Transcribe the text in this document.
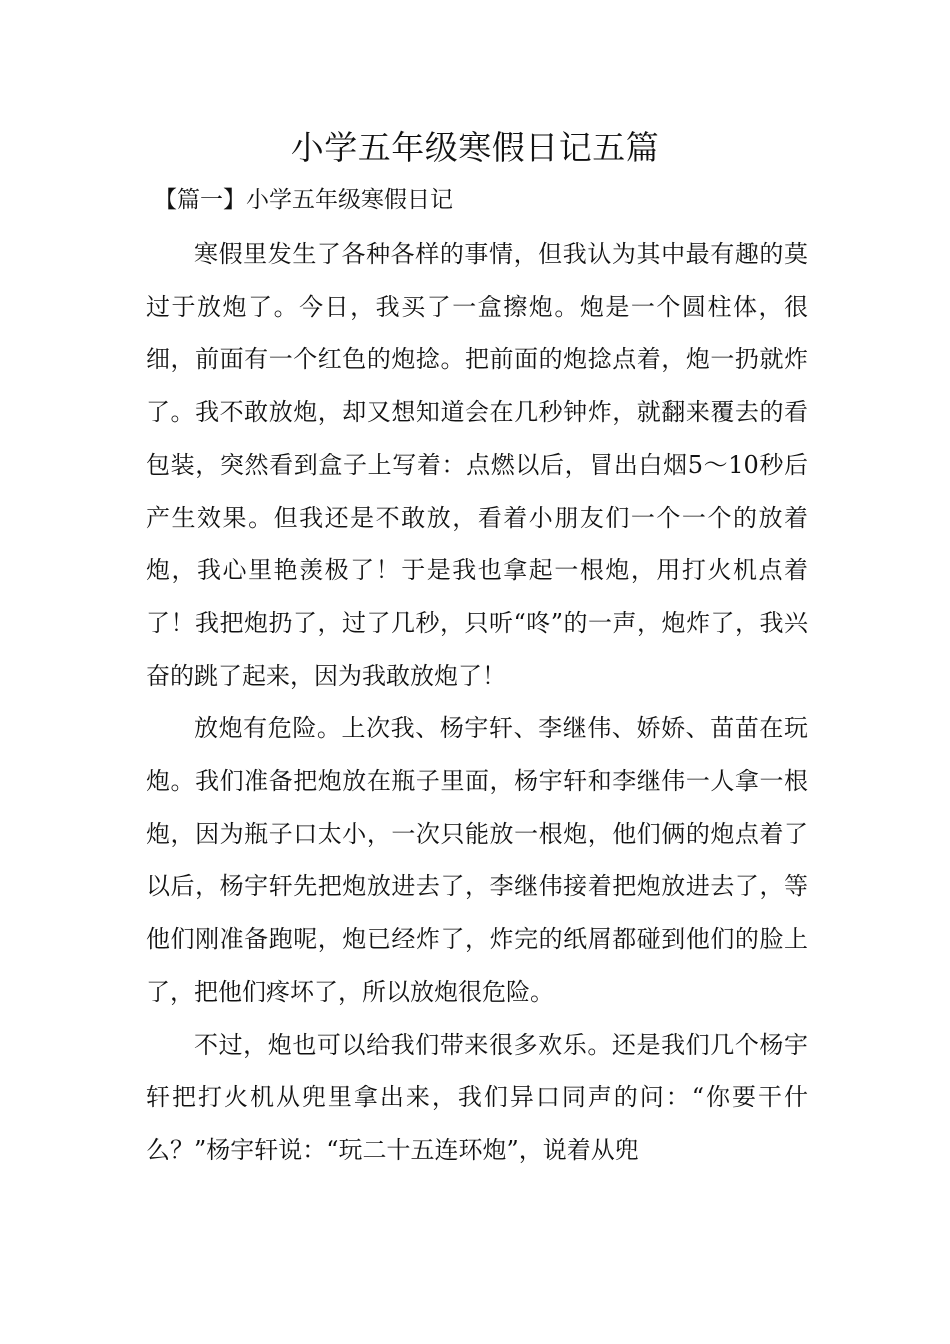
小学五年级寒假日记五篇
【篇一】小学五年级寒假日记

寒假里发生了各种各样的事情，但我认为其中最有趣的莫过于放炮了。今日，我买了一盒擦炮。炮是一个圆柱体，很细，前面有一个红色的炮捻。把前面的炮捻点着，炮一扔就炸了。我不敢放炮，却又想知道会在几秒钟炸，就翻来覆去的看包装，突然看到盒子上写着：点燃以后，冒出白烟5～10秒后产生效果。但我还是不敢放，看着小朋友们一个一个的放着炮，我心里艳羡极了！于是我也拿起一根炮，用打火机点着了！我把炮扔了，过了几秒，只听“咚”的一声，炮炸了，我兴奋的跳了起来，因为我敢放炮了！

放炮有危险。上次我、杨宇轩、李继伟、娇娇、苗苗在玩炮。我们准备把炮放在瓶子里面，杨宇轩和李继伟一人拿一根炮，因为瓶子口太小，一次只能放一根炮，他们俩的炮点着了以后，杨宇轩先把炮放进去了，李继伟接着把炮放进去了，等他们刚准备跑呢，炮已经炸了，炸完的纸屑都碰到他们的脸上了，把他们疼坏了，所以放炮很危险。

不过，炮也可以给我们带来很多欢乐。还是我们几个杨宇轩把打火机从兜里拿出来，我们异口同声的问：“你要干什么？”杨宇轩说：“玩二十五连环炮”，说着从兜
